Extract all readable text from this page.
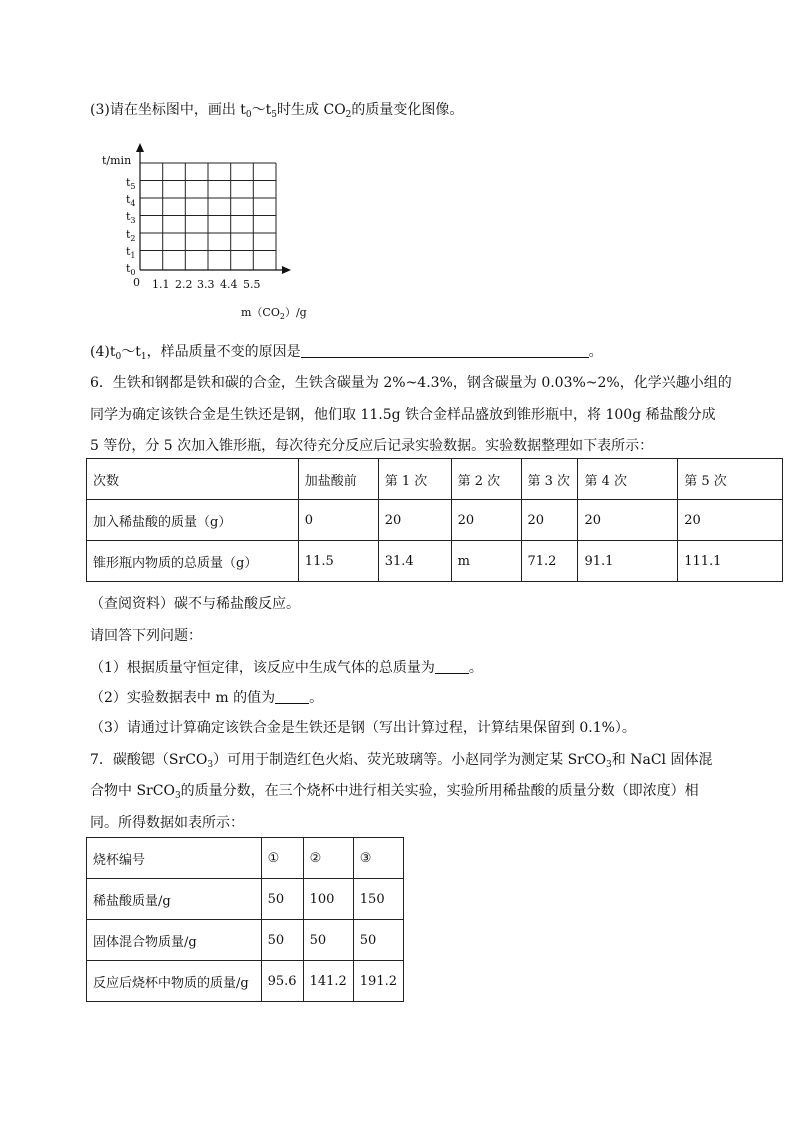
(3)请在坐标图中，画出 $t_0\sim t_5$时生成 $CO_2$的质量变化图像。
t/min
$t_5$
$t_4$
$t_3$
$t_2$
$t_1$
$t_0$
0 1.1 2.2 3.3 4.4 5.5
$m(CO_2)/g$
$(4)t_0\sim t_1$，样品质量不变的原因是	。
6．生铁和钢都是铁和碳的合金，生铁含碳量为 2%~4.3%，钢含碳量为 0.03%~2%，化学兴趣小组的
同学为确定该铁合金是生铁还是钢，他们取 11.5g 铁合金样品盛放到锥形瓶中，将 100g 稀盐酸分成
5 等份，分 5 次加入锥形瓶，每次待充分反应后记录实验数据。实验数据整理如下表所示：
次数	加盐酸前	第 1 次	第 2 次	第 3 次	第 4 次	第 5 次
加入稀盐酸的质量（g）	0	20	20	20	20	20
锥形瓶内物质的总质量（g）	11.5	31.4	m	71.2	91.1	111.1
（查阅资料）碳不与稀盐酸反应。
请回答下列问题：
（1）根据质量守恒定律，该反应中生成气体的总质量为 。
（2）实验数据表中 m 的值为 。
（3）请通过计算确定该铁合金是生铁还是钢（写出计算过程，计算结果保留到 0.1%）。
7．碳酸锶（SrCO$_3$）可用于制造红色火焰、荧光玻璃等。小赵同学为测定某 SrCO$_3$和 NaCl 固体混
合物中 SrCO$_3$的质量分数，在三个烧杯中进行相关实验，实验所用稀盐酸的质量分数（即浓度）相
同。所得数据如表所示：
烧杯编号	①	②	③
稀盐酸质量/g	50	100	150
固体混合物质量/g	50	50	50
反应后烧杯中物质的质量/g	95.6	141.2	191.2
